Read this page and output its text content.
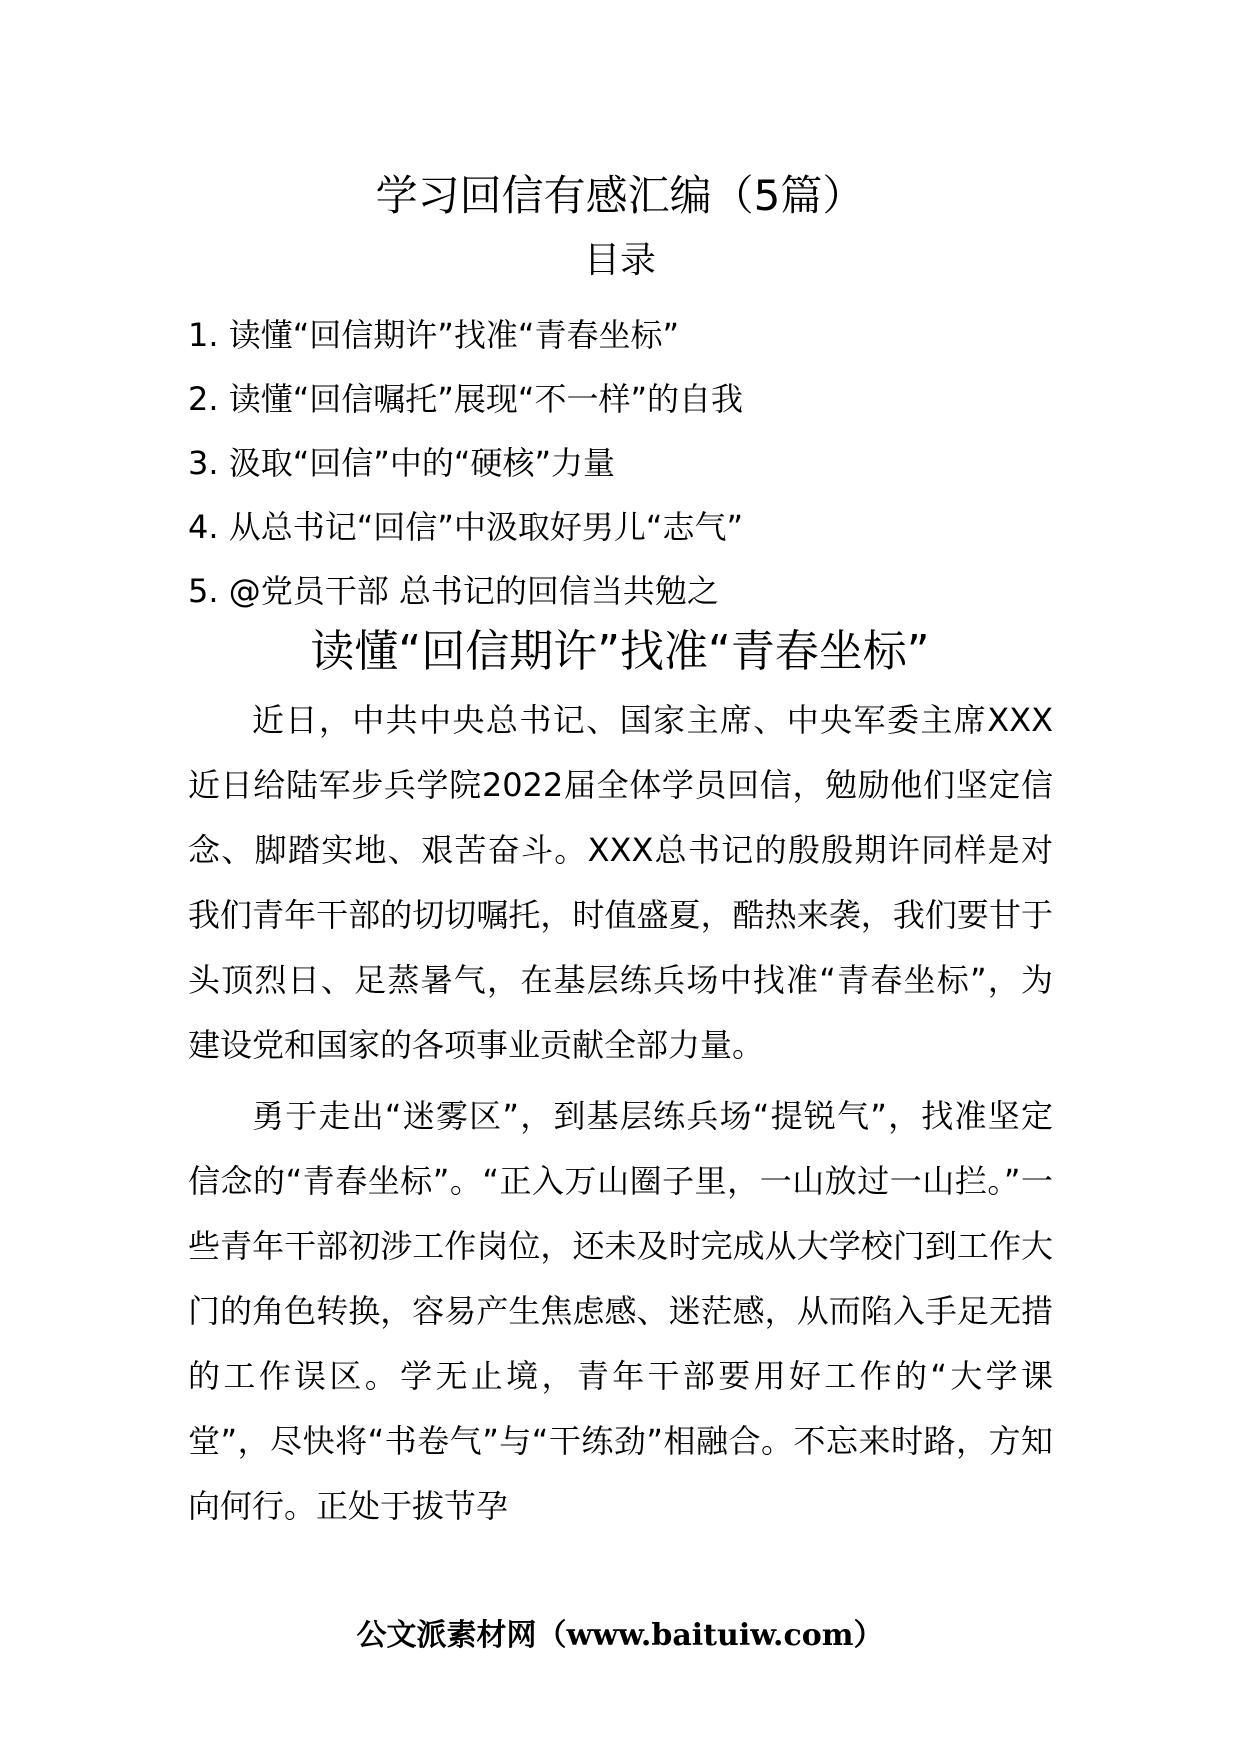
学习回信有感汇编（5篇）
目录
1. 读懂“回信期许”找准“青春坐标”
2. 读懂“回信嘱托”展现“不一样”的自我
3. 汲取“回信”中的“硬核”力量
4. 从总书记“回信”中汲取好男儿“志气”
5. @党员干部 总书记的回信当共勉之
读懂“回信期许”找准“青春坐标”

近日，中共中央总书记、国家主席、中央军委主席XXX近日给陆军步兵学院2022届全体学员回信，勉励他们坚定信念、脚踏实地、艰苦奋斗。XXX总书记的殷殷期许同样是对我们青年干部的切切嘱托，时值盛夏，酷热来袭，我们要甘于头顶烈日、足蒸暑气，在基层练兵场中找准“青春坐标”，为建设党和国家的各项事业贡献全部力量。

勇于走出“迷雾区”，到基层练兵场“提锐气”，找准坚定信念的“青春坐标”。“正入万山圈子里，一山放过一山拦。”一些青年干部初涉工作岗位，还未及时完成从大学校门到工作大门的角色转换，容易产生焦虑感、迷茫感，从而陷入手足无措的工作误区。学无止境，青年干部要用好工作的“大学课堂”，尽快将“书卷气”与“干练劲”相融合。不忘来时路，方知向何行。正处于拔节孕

公文派素材网（www.baituiw.com）
